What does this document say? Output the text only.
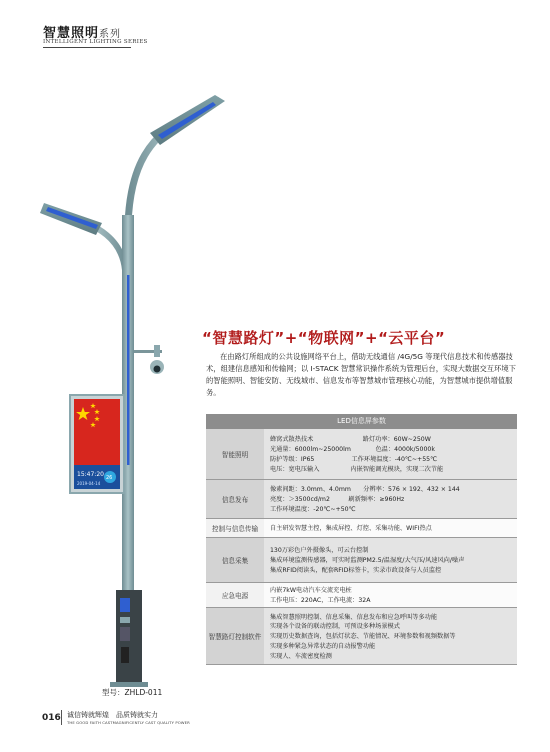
智慧照明系列
INTELLIGENT LIGHTING SERIES
15:47:20
2019-04-14
26
“智慧路灯”+“物联网”+“云平台”
在由路灯所组成的公共设施网络平台上，借助无线通信 /4G/5G 等现代信息技术和传感器技术，组建信息感知和传输网；以 I-STACK 智慧常识操作系统为管理后台，实现大数据交互环境下的智能照明、智能安防、无线城市、信息发布等智慧城市管理核心功能，为智慧城市提供增值服务。
LED信息屏参数
智能照明
蜂窝式散热技术　　　　　　　　路灯功率：60W~250W
光通量：6000lm~25000lm　　　　色温：4000k/5000k
防护等级：IP65　　　　　　工作环境温度：-40℃~+55℃
电压：宽电压输入　　　　　内嵌智能调光模块，实现二次节能
信息发布
像素间距：3.0mm、4.0mm　　分辨率：576 × 192、432 × 144
亮度：＞3500cd/m2　　　刷新频率：≥960Hz
工作环境温度：-20℃~+50℃
控制与信息传输	自主研发智慧主控，集成屏控、灯控、采集功能、WIFI热点
信息采集
130万彩色户外摄像头，可云台控制
集成环境监测传感器，可实时监测PM2.5/温湿度/大气压/风速风向/噪声
集成RFID阅读头，配套RFID标签卡，实录市政设备与人员监控
应急电源
内嵌7kW电动汽车交流充电桩
工作电压：220AC，工作电流：32A
智慧路灯控制软件
集成智慧照明控制、信息采集、信息发布和应急呼叫等多功能
实现各个设备的联动控制，可预设多种场景模式
实现历史数据查询，包括灯状态、节能情况、环境参数和视频数据等
实现多种紧急异常状态的自动报警功能
实现人、车流密度检测
型号：ZHLD-011
016 诚信铸就辉煌　品质铸就实力
THE GOOD FAITH CASTMAGNIFICENTLY CAST QUALITY POWER
